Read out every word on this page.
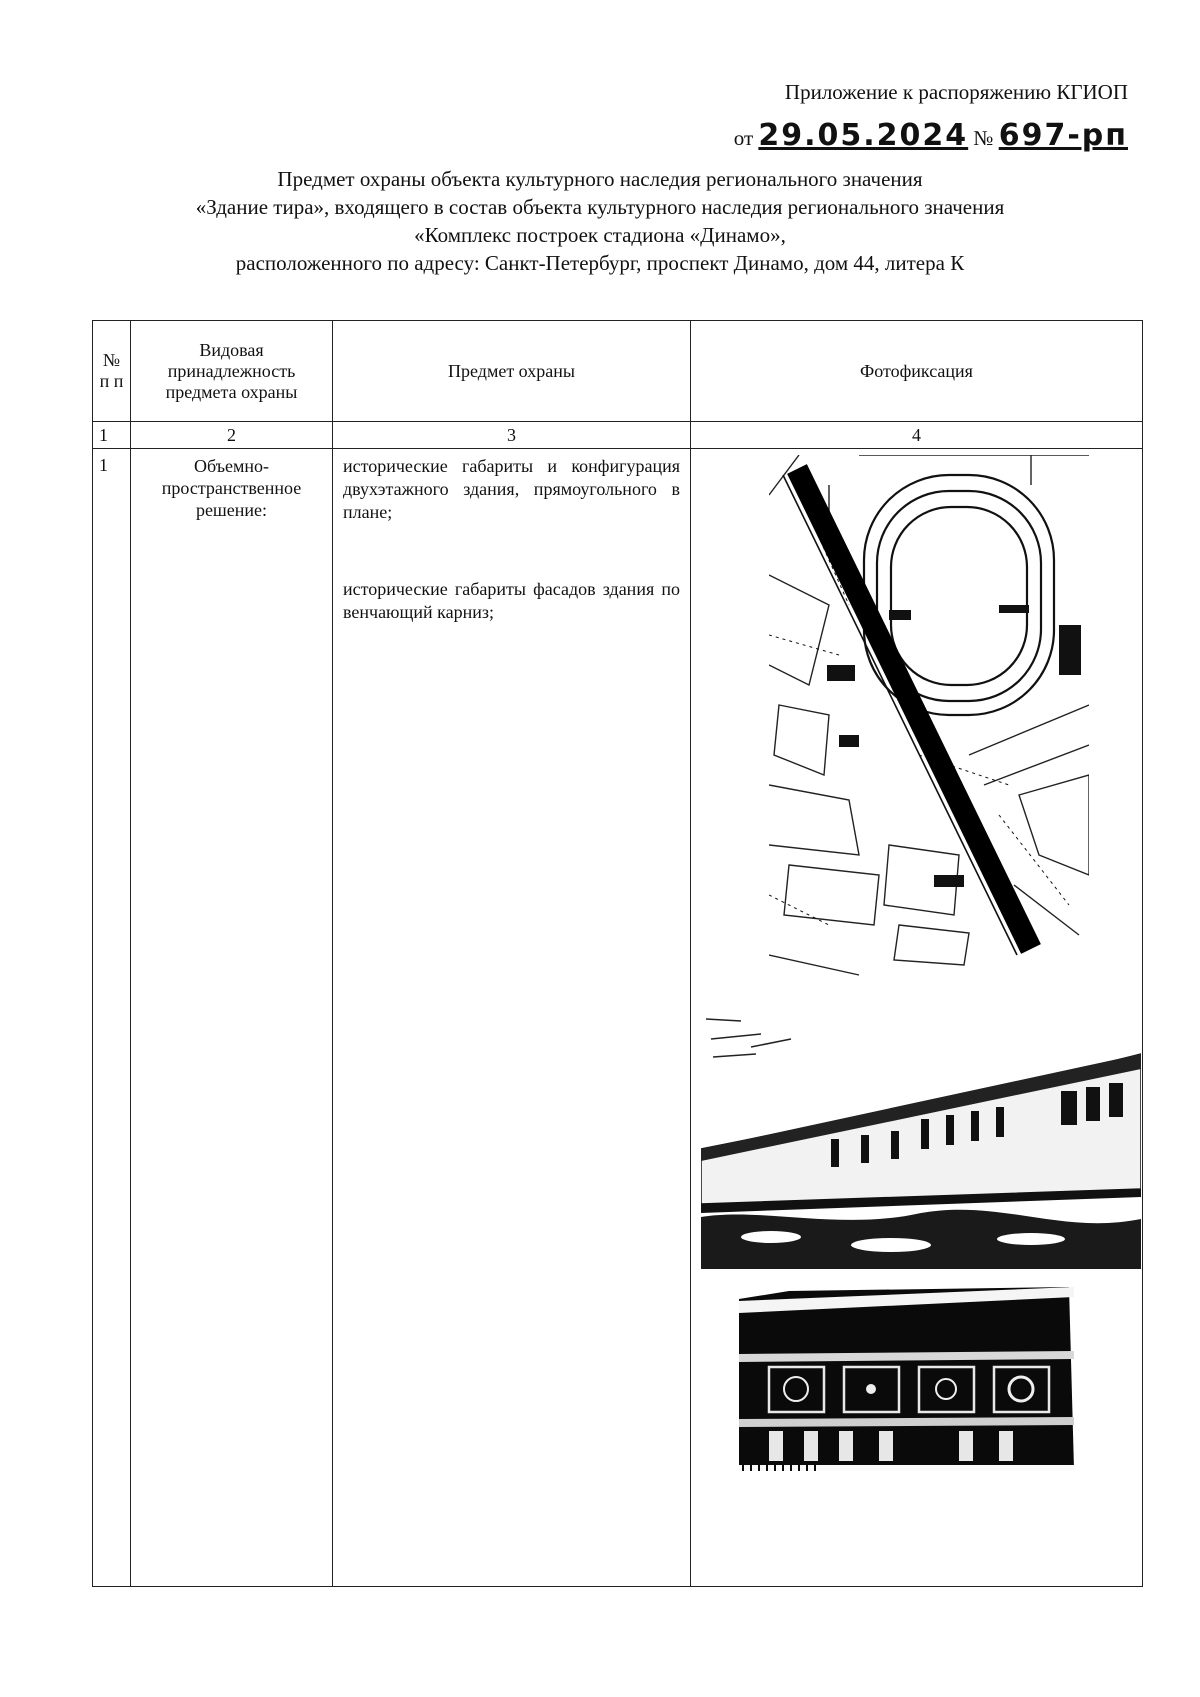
Приложение к распоряжению КГИОП
от 29.05.2024 № 697-рп
Предмет охраны объекта культурного наследия регионального значения
«Здание тира», входящего в состав объекта культурного наследия регионального значения
«Комплекс построек стадиона «Динамо»,
расположенного по адресу: Санкт-Петербург, проспект Динамо, дом 44, литера К
№ п п	Видовая принадлежность предмета охраны	Предмет охраны	Фотофиксация
1	2	3	4
1	Объемно-пространственное решение:	исторические габариты и конфигурация двухэтажного здания, прямоугольного в плане;

исторические габариты фасадов здания по венчающий карниз;
